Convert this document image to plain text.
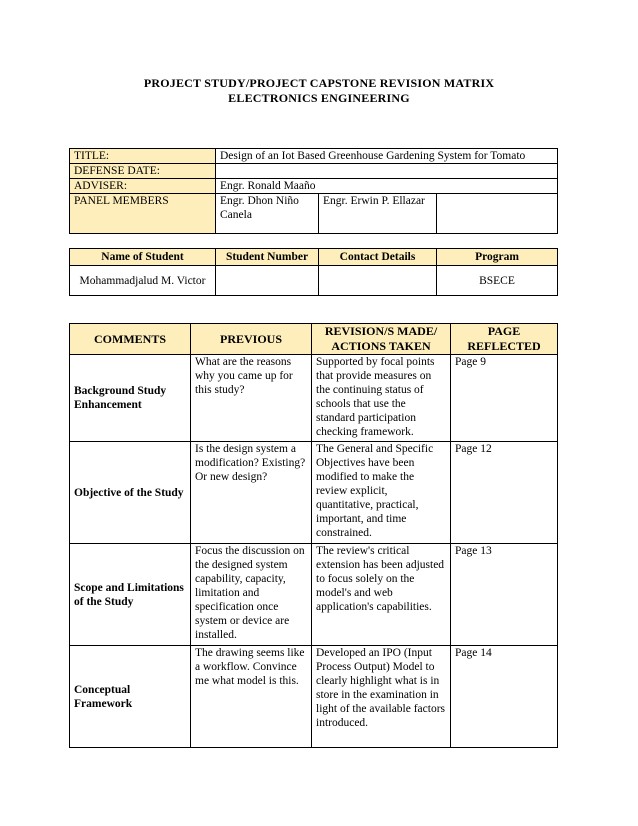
PROJECT STUDY/PROJECT CAPSTONE REVISION MATRIX
ELECTRONICS ENGINEERING
TITLE:	Design of an Iot Based Greenhouse Gardening System for Tomato		
DEFENSE DATE:			
ADVISER:	Engr. Ronald Maaño		
PANEL MEMBERS	Engr. Dhon Niño Canela	Engr. Erwin P. Ellazar	
Name of Student	Student Number	Contact Details	Program
Mohammadjalud M. Victor			BSECE
COMMENTS	PREVIOUS	REVISION/S MADE/ ACTIONS TAKEN	PAGE REFLECTED
Background Study Enhancement	What are the reasons why you came up for this study?	Supported by focal points that provide measures on the continuing status of schools that use the standard participation checking framework.	Page 9
Objective of the Study	Is the design system a modification? Existing? Or new design?	The General and Specific Objectives have been modified to make the review explicit, quantitative, practical, important, and time constrained.	Page 12
Scope and Limitations of the Study	Focus the discussion on the designed system capability, capacity, limitation and specification once system or device are installed.	The review's critical extension has been adjusted to focus solely on the model's and web application's capabilities.	Page 13
Conceptual Framework	The drawing seems like a workflow. Convince me what model is this.	Developed an IPO (Input Process Output) Model to clearly highlight what is in store in the examination in light of the available factors introduced.	Page 14
